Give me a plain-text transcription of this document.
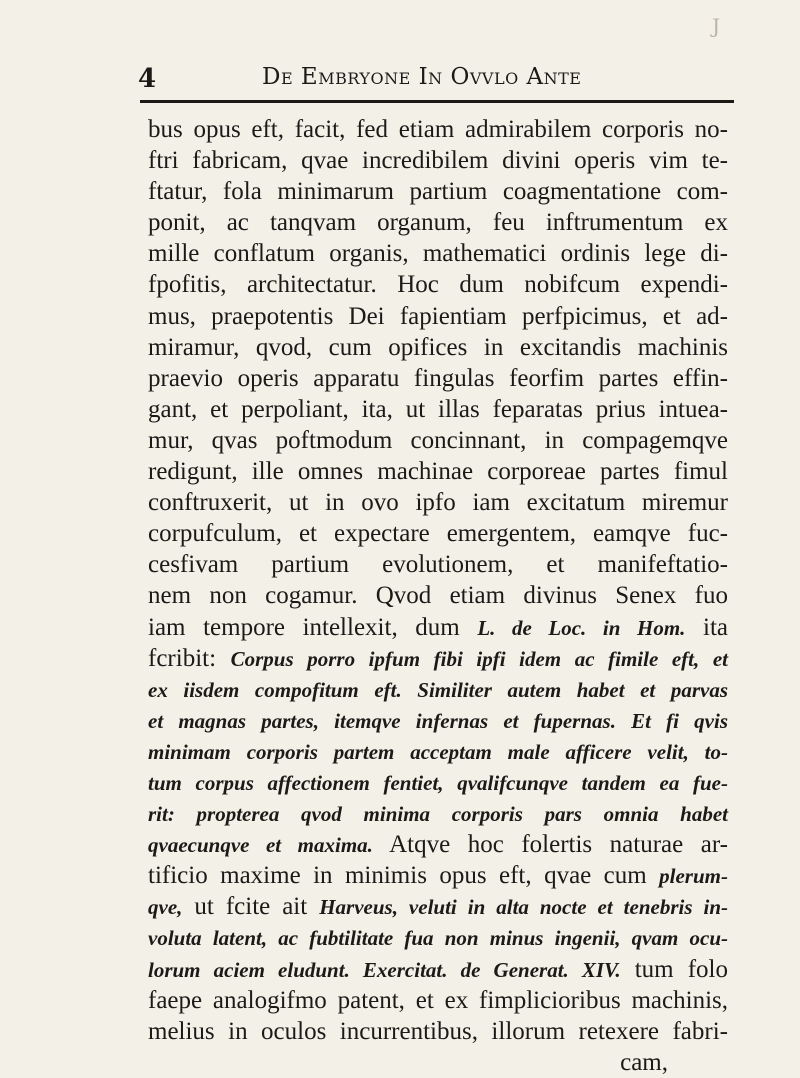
J
4	De Embryone In Ovvlo Ante
bus opus eft, facit, fed etiam admirabilem corporis no-
ftri fabricam, qvae incredibilem divini operis vim te-
ftatur, fola minimarum partium coagmentatione com-
ponit, ac tanqvam organum, feu inftrumentum ex
mille conflatum organis, mathematici ordinis lege di-
fpofitis, architectatur. Hoc dum nobifcum expendi-
mus, praepotentis Dei fapientiam perfpicimus, et ad-
miramur, qvod, cum opifices in excitandis machinis
praevio operis apparatu fingulas feorfim partes effin-
gant, et perpoliant, ita, ut illas feparatas prius intuea-
mur, qvas poftmodum concinnant, in compagemqve
redigunt, ille omnes machinae corporeae partes fimul
conftruxerit, ut in ovo ipfo iam excitatum miremur
corpufculum, et expectare emergentem, eamqve fuc-
cesfivam partium evolutionem, et manifeftatio-
nem non cogamur. Qvod etiam divinus Senex fuo
iam tempore intellexit, dum L. de Loc. in Hom. ita
fcribit: Corpus porro ipfum fibi ipfi idem ac fimile eft, et
ex iisdem compofitum eft. Similiter autem habet et parvas
et magnas partes, itemqve infernas et fupernas. Et fi qvis
minimam corporis partem acceptam male afficere velit, to-
tum corpus affectionem fentiet, qvalifcunqve tandem ea fue-
rit: propterea qvod minima corporis pars omnia habet
qvaecunqve et maxima. Atqve hoc folertis naturae ar-
tificio maxime in minimis opus eft, qvae cum plerum-
qve, ut fcite ait Harveus, veluti in alta nocte et tenebris in-
voluta latent, ac fubtilitate fua non minus ingenii, qvam ocu-
lorum aciem eludunt. Exercitat. de Generat. XIV. tum folo
faepe analogifmo patent, et ex fimplicioribus machinis,
melius in oculos incurrentibus, illorum retexere fabri-
cam,
